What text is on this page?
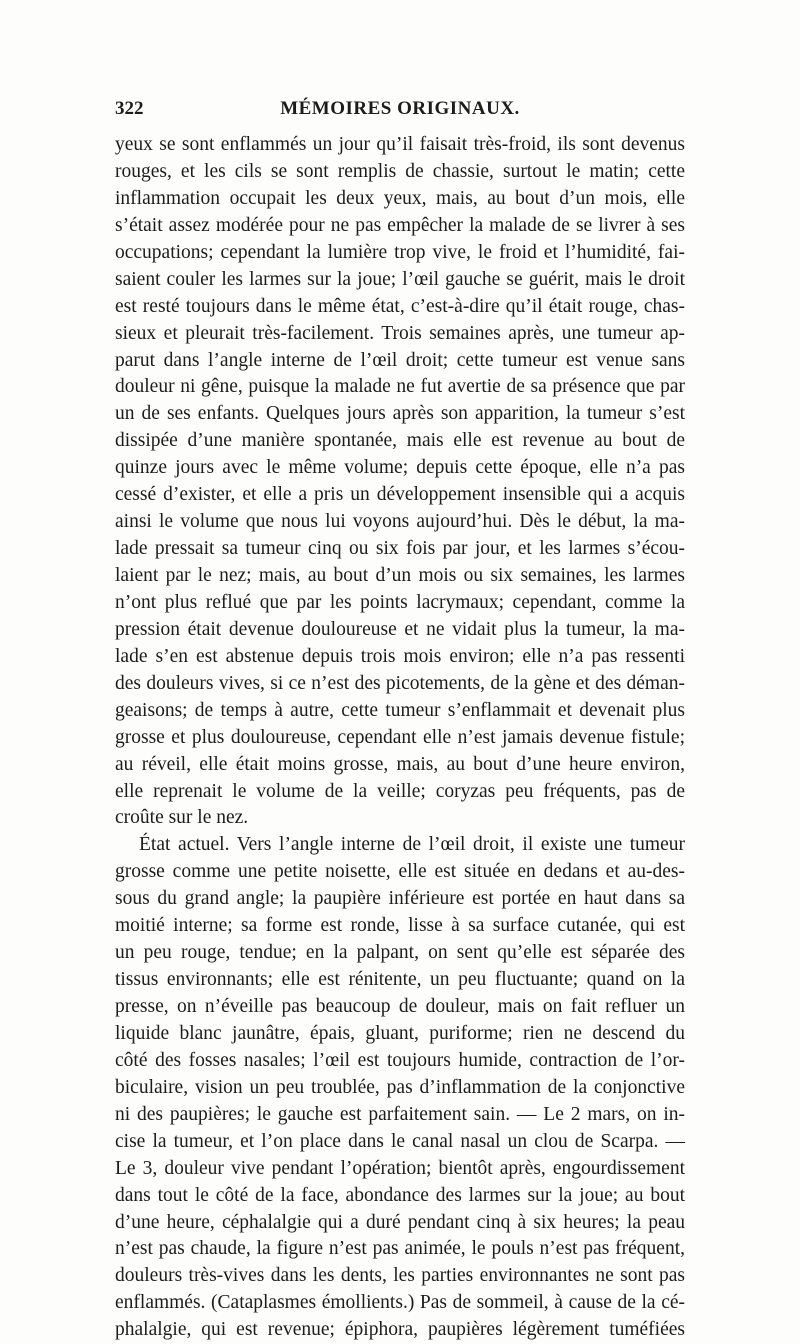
322	MÉMOIRES ORIGINAUX.
yeux se sont enflammés un jour qu’il faisait très-froid, ils sont devenus
rouges, et les cils se sont remplis de chassie, surtout le matin; cette
inflammation occupait les deux yeux, mais, au bout d’un mois, elle
s’était assez modérée pour ne pas empêcher la malade de se livrer à ses
occupations; cependant la lumière trop vive, le froid et l’humidité, fai-
saient couler les larmes sur la joue; l’œil gauche se guérit, mais le droit
est resté toujours dans le même état, c’est-à-dire qu’il était rouge, chas-
sieux et pleurait très-facilement. Trois semaines après, une tumeur ap-
parut dans l’angle interne de l’œil droit; cette tumeur est venue sans
douleur ni gêne, puisque la malade ne fut avertie de sa présence que par
un de ses enfants. Quelques jours après son apparition, la tumeur s’est
dissipée d’une manière spontanée, mais elle est revenue au bout de
quinze jours avec le même volume; depuis cette époque, elle n’a pas
cessé d’exister, et elle a pris un développement insensible qui a acquis
ainsi le volume que nous lui voyons aujourd’hui. Dès le début, la ma-
lade pressait sa tumeur cinq ou six fois par jour, et les larmes s’écou-
laient par le nez; mais, au bout d’un mois ou six semaines, les larmes
n’ont plus reflué que par les points lacrymaux; cependant, comme la
pression était devenue douloureuse et ne vidait plus la tumeur, la ma-
lade s’en est abstenue depuis trois mois environ; elle n’a pas ressenti
des douleurs vives, si ce n’est des picotements, de la gène et des déman-
geaisons; de temps à autre, cette tumeur s’enflammait et devenait plus
grosse et plus douloureuse, cependant elle n’est jamais devenue fistule;
au réveil, elle était moins grosse, mais, au bout d’une heure environ,
elle reprenait le volume de la veille; coryzas peu fréquents, pas de
croûte sur le nez.
État actuel. Vers l’angle interne de l’œil droit, il existe une tumeur
grosse comme une petite noisette, elle est située en dedans et au-des-
sous du grand angle; la paupière inférieure est portée en haut dans sa
moitié interne; sa forme est ronde, lisse à sa surface cutanée, qui est
un peu rouge, tendue; en la palpant, on sent qu’elle est séparée des
tissus environnants; elle est rénitente, un peu fluctuante; quand on la
presse, on n’éveille pas beaucoup de douleur, mais on fait refluer un
liquide blanc jaunâtre, épais, gluant, puriforme; rien ne descend du
côté des fosses nasales; l’œil est toujours humide, contraction de l’or-
biculaire, vision un peu troublée, pas d’inflammation de la conjonctive
ni des paupières; le gauche est parfaitement sain. — Le 2 mars, on in-
cise la tumeur, et l’on place dans le canal nasal un clou de Scarpa. —
Le 3, douleur vive pendant l’opération; bientôt après, engourdissement
dans tout le côté de la face, abondance des larmes sur la joue; au bout
d’une heure, céphalalgie qui a duré pendant cinq à six heures; la peau
n’est pas chaude, la figure n’est pas animée, le pouls n’est pas fréquent,
douleurs très-vives dans les dents, les parties environnantes ne sont pas
enflammés. (Cataplasmes émollients.) Pas de sommeil, à cause de la cé-
phalalgie, qui est revenue; épiphora, paupières légèrement tuméfiées
